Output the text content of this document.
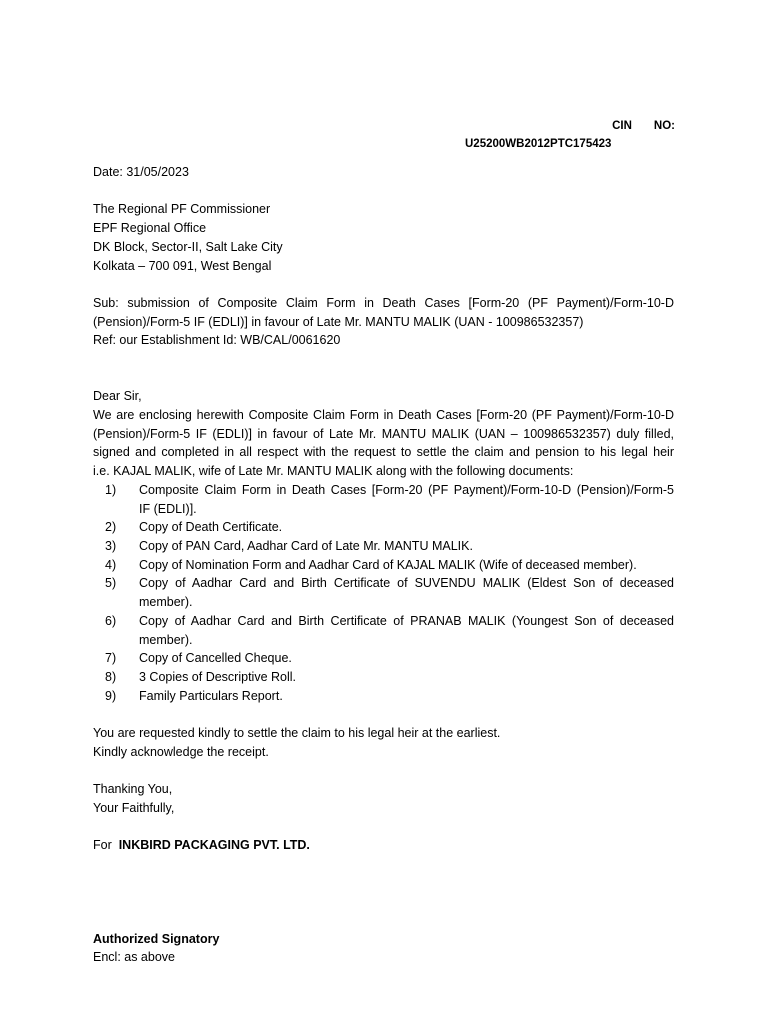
CIN NO:
U25200WB2012PTC175423
Date: 31/05/2023
The Regional PF Commissioner
EPF Regional Office
DK Block, Sector-II, Salt Lake City
Kolkata – 700 091, West Bengal
Sub: submission of Composite Claim Form in Death Cases [Form-20 (PF Payment)/Form-10-D
(Pension)/Form-5 IF (EDLI)] in favour of Late Mr. MANTU MALIK (UAN - 100986532357)
Ref: our Establishment Id: WB/CAL/0061620
Dear Sir,
We are enclosing herewith Composite Claim Form in Death Cases [Form-20 (PF Payment)/Form-10-D
(Pension)/Form-5 IF (EDLI)] in favour of Late Mr. MANTU MALIK (UAN – 100986532357) duly filled,
signed and completed in all respect with the request to settle the claim and pension to his legal heir
i.e. KAJAL MALIK, wife of Late Mr. MANTU MALIK along with the following documents:
1)	Composite Claim Form in Death Cases [Form-20 (PF Payment)/Form-10-D (Pension)/Form-5
IF (EDLI)].
2)	Copy of Death Certificate.
3)	Copy of PAN Card, Aadhar Card of Late Mr. MANTU MALIK.
4)	Copy of Nomination Form and Aadhar Card of KAJAL MALIK (Wife of deceased member).
5)	Copy of Aadhar Card and Birth Certificate of SUVENDU MALIK (Eldest Son of deceased
member).
6)	Copy of Aadhar Card and Birth Certificate of PRANAB MALIK (Youngest Son of deceased
member).
7)	Copy of Cancelled Cheque.
8)	3 Copies of Descriptive Roll.
9)	Family Particulars Report.
You are requested kindly to settle the claim to his legal heir at the earliest.
Kindly acknowledge the receipt.
Thanking You,
Your Faithfully,
For INKBIRD PACKAGING PVT. LTD.
Authorized Signatory
Encl: as above
